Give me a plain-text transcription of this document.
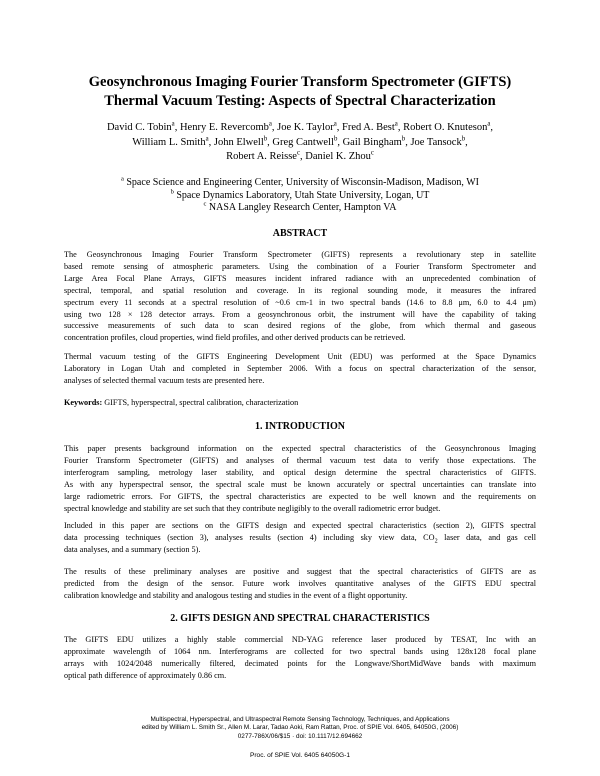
Geosynchronous Imaging Fourier Transform Spectrometer (GIFTS)
Thermal Vacuum Testing: Aspects of Spectral Characterization
David C. Tobin$^a$, Henry E. Revercomb$^a$, Joe K. Taylor$^a$, Fred A. Best$^a$, Robert O. Knuteson$^a$,
William L. Smith$^a$, John Elwell$^b$, Greg Cantwell$^b$, Gail Bingham$^b$, Joe Tansock$^b$,
Robert A. Reisse$^c$, Daniel K. Zhou$^c$
$^a$ Space Science and Engineering Center, University of Wisconsin-Madison, Madison, WI
$^b$ Space Dynamics Laboratory, Utah State University, Logan, UT
$^c$ NASA Langley Research Center, Hampton VA
ABSTRACT
The Geosynchronous Imaging Fourier Transform Spectrometer (GIFTS) represents a revolutionary step in satellite
based remote sensing of atmospheric parameters. Using the combination of a Fourier Transform Spectrometer and
Large Area Focal Plane Arrays, GIFTS measures incident infrared radiance with an unprecedented combination of
spectral, temporal, and spatial resolution and coverage. In its regional sounding mode, it measures the infrared
spectrum every 11 seconds at a spectral resolution of ~0.6 cm-1 in two spectral bands (14.6 to 8.8 μm, 6.0 to 4.4 μm)
using two 128 × 128 detector arrays. From a geosynchronous orbit, the instrument will have the capability of taking
successive measurements of such data to scan desired regions of the globe, from which thermal and gaseous
concentration profiles, cloud properties, wind field profiles, and other derived products can be retrieved.
Thermal vacuum testing of the GIFTS Engineering Development Unit (EDU) was performed at the Space Dynamics
Laboratory in Logan Utah and completed in September 2006. With a focus on spectral characterization of the sensor,
analyses of selected thermal vacuum tests are presented here.
Keywords: GIFTS, hyperspectral, spectral calibration, characterization
1. INTRODUCTION
This paper presents background information on the expected spectral characteristics of the Geosynchronous Imaging
Fourier Transform Spectrometer (GIFTS) and analyses of thermal vacuum test data to verify those expectations. The
interferogram sampling, metrology laser stability, and optical design determine the spectral characteristics of GIFTS.
As with any hyperspectral sensor, the spectral scale must be known accurately or spectral uncertainties can translate into
large radiometric errors. For GIFTS, the spectral characteristics are expected to be well known and the requirements on
spectral knowledge and stability are set such that they contribute negligibly to the overall radiometric error budget.
Included in this paper are sections on the GIFTS design and expected spectral characteristics (section 2), GIFTS spectral
data processing techniques (section 3), analyses results (section 4) including sky view data, $CO_2$ laser data, and gas cell
data analyses, and a summary (section 5).
The results of these preliminary analyses are positive and suggest that the spectral characteristics of GIFTS are as
predicted from the design of the sensor. Future work involves quantitative analyses of the GIFTS EDU spectral
calibration knowledge and stability and analogous testing and studies in the event of a flight opportunity.
2. GIFTS DESIGN AND SPECTRAL CHARACTERISTICS
The GIFTS EDU utilizes a highly stable commercial ND-YAG reference laser produced by TESAT, Inc with an
approximate wavelength of 1064 nm. Interferograms are collected for two spectral bands using 128x128 focal plane
arrays with 1024/2048 numerically filtered, decimated points for the Longwave/ShortMidWave bands with maximum
optical path difference of approximately 0.86 cm.
Multispectral, Hyperspectral, and Ultraspectral Remote Sensing Technology, Techniques, and Applications
edited by William L. Smith Sr., Allen M. Larar, Tadao Aoki, Ram Rattan, Proc. of SPIE Vol. 6405, 64050G, (2006)
0277-786X/06/$15 · doi: 10.1117/12.694662
Proc. of SPIE Vol. 6405 64050G-1
